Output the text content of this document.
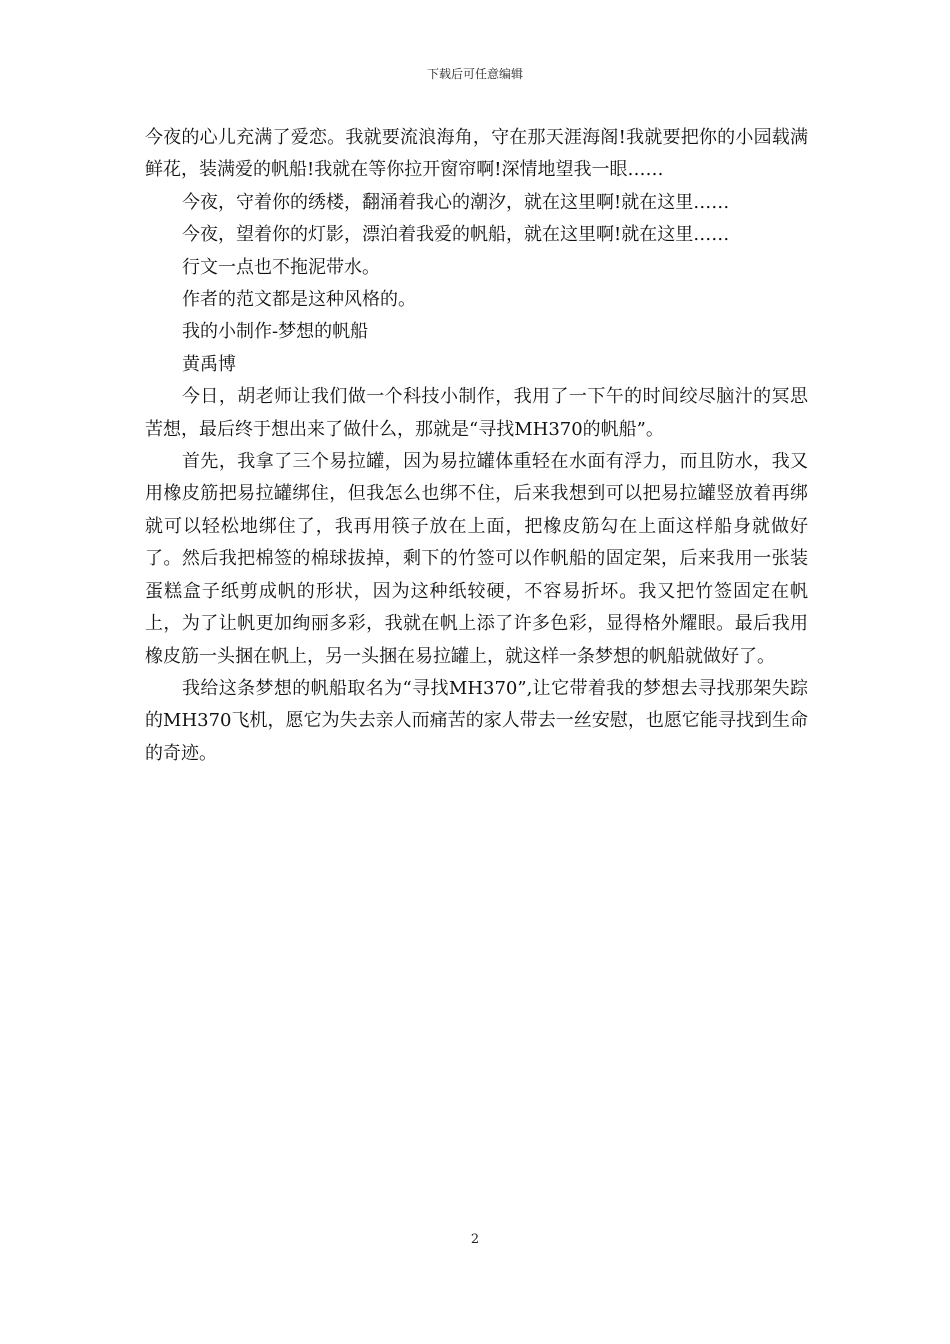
下载后可任意编辑

今夜的心儿充满了爱恋。我就要流浪海角，守在那天涯海阁!我就要把你的小园载满鲜花，装满爱的帆船!我就在等你拉开窗帘啊!深情地望我一眼……

今夜，守着你的绣楼，翻涌着我心的潮汐，就在这里啊!就在这里……

今夜，望着你的灯影，漂泊着我爱的帆船，就在这里啊!就在这里……

行文一点也不拖泥带水。

作者的范文都是这种风格的。

我的小制作-梦想的帆船

黄禹博

今日，胡老师让我们做一个科技小制作，我用了一下午的时间绞尽脑汁的冥思苦想，最后终于想出来了做什么，那就是“寻找MH370的帆船”。

首先，我拿了三个易拉罐，因为易拉罐体重轻在水面有浮力，而且防水，我又用橡皮筋把易拉罐绑住，但我怎么也绑不住，后来我想到可以把易拉罐竖放着再绑就可以轻松地绑住了，我再用筷子放在上面，把橡皮筋勾在上面这样船身就做好了。然后我把棉签的棉球拔掉，剩下的竹签可以作帆船的固定架，后来我用一张装蛋糕盒子纸剪成帆的形状，因为这种纸较硬，不容易折坏。我又把竹签固定在帆上，为了让帆更加绚丽多彩，我就在帆上添了许多色彩，显得格外耀眼。最后我用橡皮筋一头捆在帆上，另一头捆在易拉罐上，就这样一条梦想的帆船就做好了。

我给这条梦想的帆船取名为“寻找MH370”,让它带着我的梦想去寻找那架失踪的MH370飞机，愿它为失去亲人而痛苦的家人带去一丝安慰，也愿它能寻找到生命的奇迹。

2
